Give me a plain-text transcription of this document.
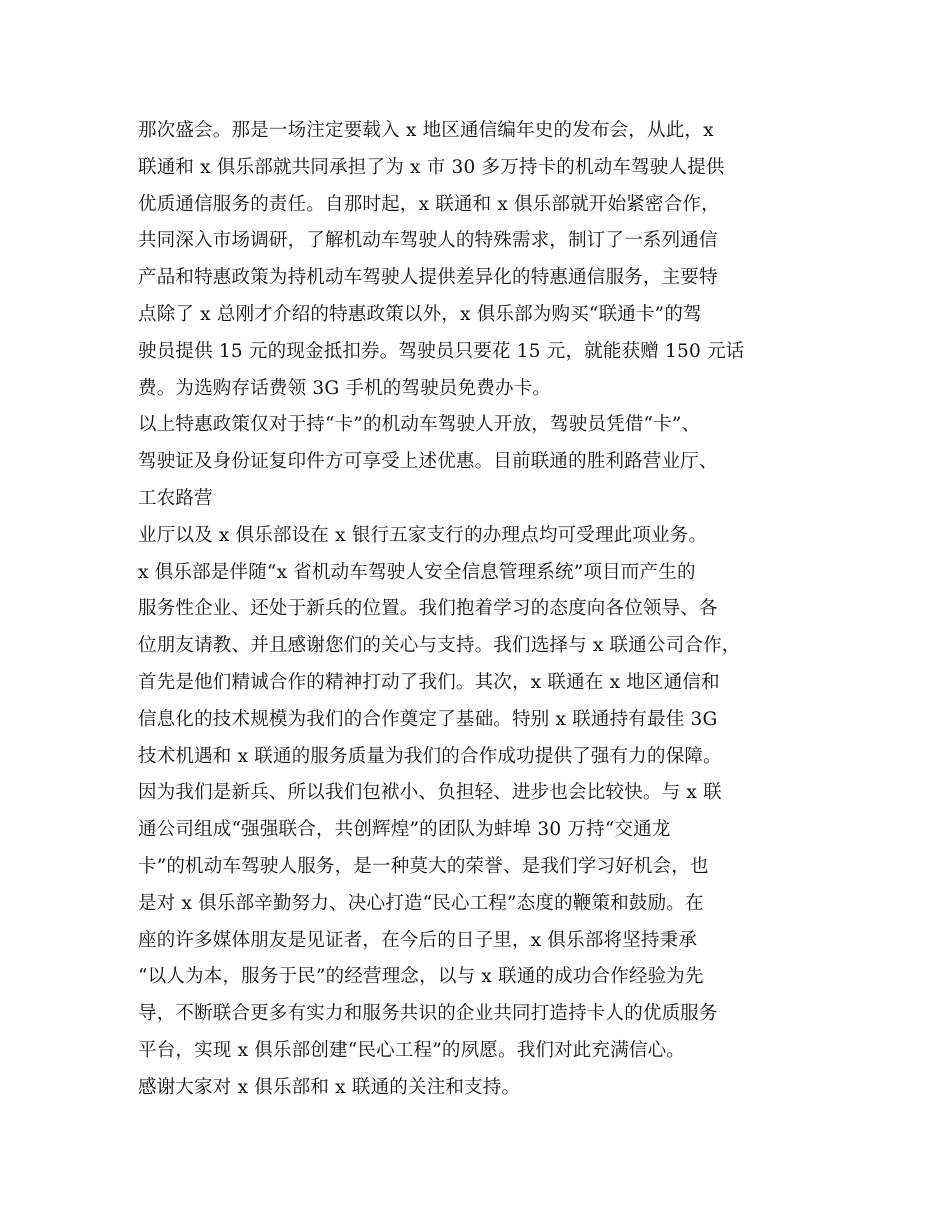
那次盛会。那是一场注定要载入 x 地区通信编年史的发布会，从此，x
联通和 x 俱乐部就共同承担了为 x 市 30 多万持卡的机动车驾驶人提供
优质通信服务的责任。自那时起，x 联通和 x 俱乐部就开始紧密合作，
共同深入市场调研，了解机动车驾驶人的特殊需求，制订了一系列通信
产品和特惠政策为持机动车驾驶人提供差异化的特惠通信服务，主要特
点除了 x 总刚才介绍的特惠政策以外，x 俱乐部为购买“联通卡”的驾
驶员提供 15 元的现金抵扣券。驾驶员只要花 15 元，就能获赠 150 元话
费。为选购存话费领 3G 手机的驾驶员免费办卡。
以上特惠政策仅对于持“卡”的机动车驾驶人开放，驾驶员凭借“卡”、
驾驶证及身份证复印件方可享受上述优惠。目前联通的胜利路营业厅、
工农路营
业厅以及 x 俱乐部设在 x 银行五家支行的办理点均可受理此项业务。
x 俱乐部是伴随“x 省机动车驾驶人安全信息管理系统”项目而产生的
服务性企业、还处于新兵的位置。我们抱着学习的态度向各位领导、各
位朋友请教、并且感谢您们的关心与支持。我们选择与 x 联通公司合作，
首先是他们精诚合作的精神打动了我们。其次，x 联通在 x 地区通信和
信息化的技术规模为我们的合作奠定了基础。特别 x 联通持有最佳 3G
技术机遇和 x 联通的服务质量为我们的合作成功提供了强有力的保障。
因为我们是新兵、所以我们包袱小、负担轻、进步也会比较快。与 x 联
通公司组成“强强联合，共创辉煌”的团队为蚌埠 30 万持“交通龙
卡”的机动车驾驶人服务，是一种莫大的荣誉、是我们学习好机会，也
是对 x 俱乐部辛勤努力、决心打造“民心工程”态度的鞭策和鼓励。在
座的许多媒体朋友是见证者，在今后的日子里，x 俱乐部将坚持秉承
“以人为本，服务于民”的经营理念，以与 x 联通的成功合作经验为先
导，不断联合更多有实力和服务共识的企业共同打造持卡人的优质服务
平台，实现 x 俱乐部创建“民心工程”的夙愿。我们对此充满信心。
感谢大家对 x 俱乐部和 x 联通的关注和支持。
